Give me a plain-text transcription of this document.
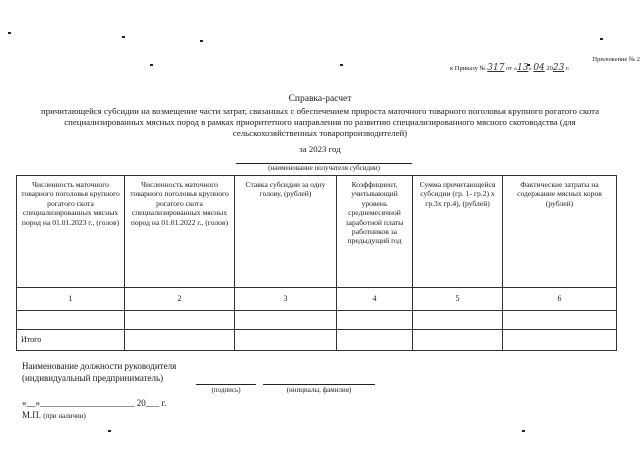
Приложение № 2
к Приказу № 317 от «13» 04 2023 г.
Справка-расчет
причитающейся субсидии на возмещение части затрат, связанных с обеспечением прироста маточного товарного поголовья крупного рогатого скота специализированных мясных пород в рамках приоритетного направления по развитию специализированного мясного скотоводства (для сельскохозяйственных товаропроизводителей)
за 2023 год
(наименование получателя субсидии)
Численность маточного товарного поголовья крупного рогатого скота специализированных мясных пород на 01.01.2023 г., (голов)	Численность маточного товарного поголовья крупного рогатого скота специализированных мясных пород на 01.01.2022 г., (голов)	Ставка субсидии за одну голову, (рублей)	Коэффициент, учитывающий уровень среднемесячной заработной платы работников за предыдущий год	Сумма причитающейся субсидии (гр. 1- гр.2) х гр.3х гр.4), (рублей)	Фактические затраты на содержание мясных коров (рублей)
1	2	3	4	5	6

Итого					
Наименование должности руководителя
(индивидуальный предприниматель)
(подпись)	(инициалы, фамилия)
«__»_____________________ 20___ г.
М.П. (при наличии)
